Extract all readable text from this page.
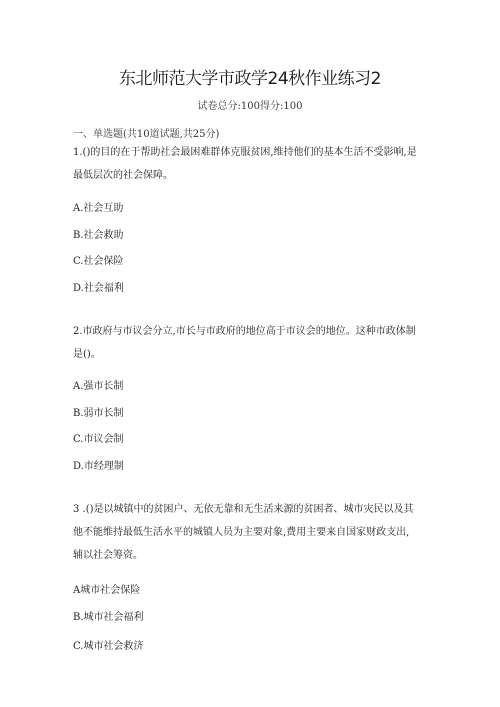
东北师范大学市政学24秋作业练习2
试卷总分:100得分:100
一、单选题(共10道试题,共25分)
1.()的目的在于帮助社会最困难群体克服贫困,维持他们的基本生活不受影响,是
最低层次的社会保障。
A.社会互助
B.社会救助
C.社会保险
D.社会福利
2.市政府与市议会分立,市长与市政府的地位高于市议会的地位。这种市政体制
是()。
A.强市长制
B.弱市长制
C.市议会制
D.市经理制
3 .()是以城镇中的贫困户、无依无靠和无生活来源的贫困者、城市灾民以及其
他不能维持最低生活水平的城镇人员为主要对象,费用主要来自国家财政支出,
辅以社会筹资。
A城市社会保险
B.城市社会福利
C.城市社会救济
